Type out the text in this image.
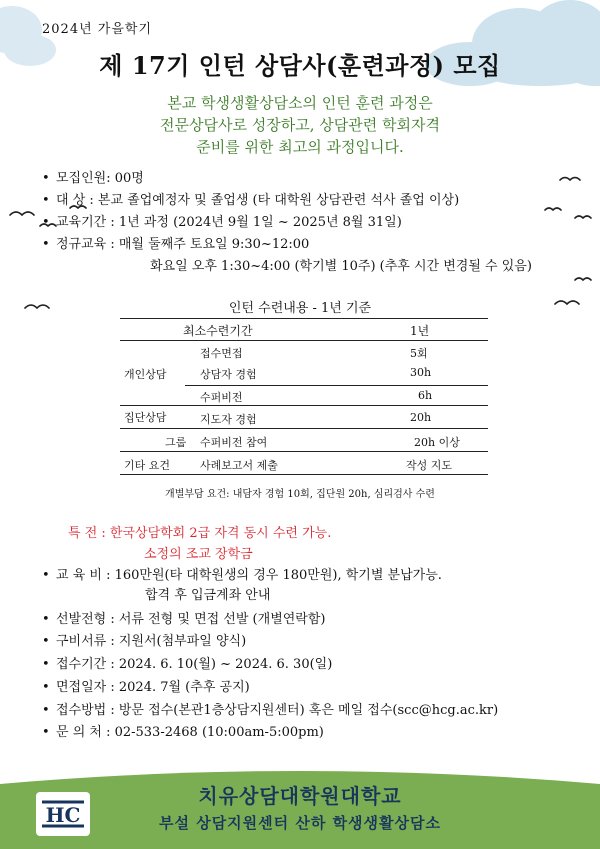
2024년 가을학기
제 17기 인턴 상담사(훈련과정) 모집
본교 학생생활상담소의 인턴 훈련 과정은
전문상담사로 성장하고, 상담관련 학회자격
준비를 위한 최고의 과정입니다.
• 모집인원: 00명
• 대 상 : 본교 졸업예정자 및 졸업생 (타 대학원 상담관련 석사 졸업 이상)
• 교육기간 : 1년 과정 (2024년 9월 1일 ~ 2025년 8월 31일)
• 정규교육 : 매월 둘째주 토요일 9:30~12:00
화요일 오후 1:30~4:00 (학기별 10주) (추후 시간 변경될 수 있음)
인턴 수련내용 - 1년 기준
최소수련기간	1년
접수면접	5회
개인상담	상담자 경험	30h
수퍼비전	6h
집단상담	지도자 경험	20h
그룹 수퍼비전 참여	20h 이상
기타 요건	사례보고서 제출	작성 지도
개별부담 요건: 내담자 경험 10회, 집단원 20h, 심리검사 수련
특 전 : 한국상담학회 2급 자격 동시 수련 가능.
소정의 조교 장학금
• 교 육 비 : 160만원(타 대학원생의 경우 180만원), 학기별 분납가능.
합격 후 입금계좌 안내
• 선발전형 : 서류 전형 및 면접 선발 (개별연락함)
• 구비서류 : 지원서(첨부파일 양식)
• 접수기간 : 2024. 6. 10(월) ~ 2024. 6. 30(일)
• 면접일자 : 2024. 7월 (추후 공지)
• 접수방법 : 방문 접수(본관1층상담지원센터) 혹은 메일 접수(scc@hcg.ac.kr)
• 문 의 처 : 02-533-2468 (10:00am-5:00pm)
HC
치유상담대학원대학교
부설 상담지원센터 산하 학생생활상담소
